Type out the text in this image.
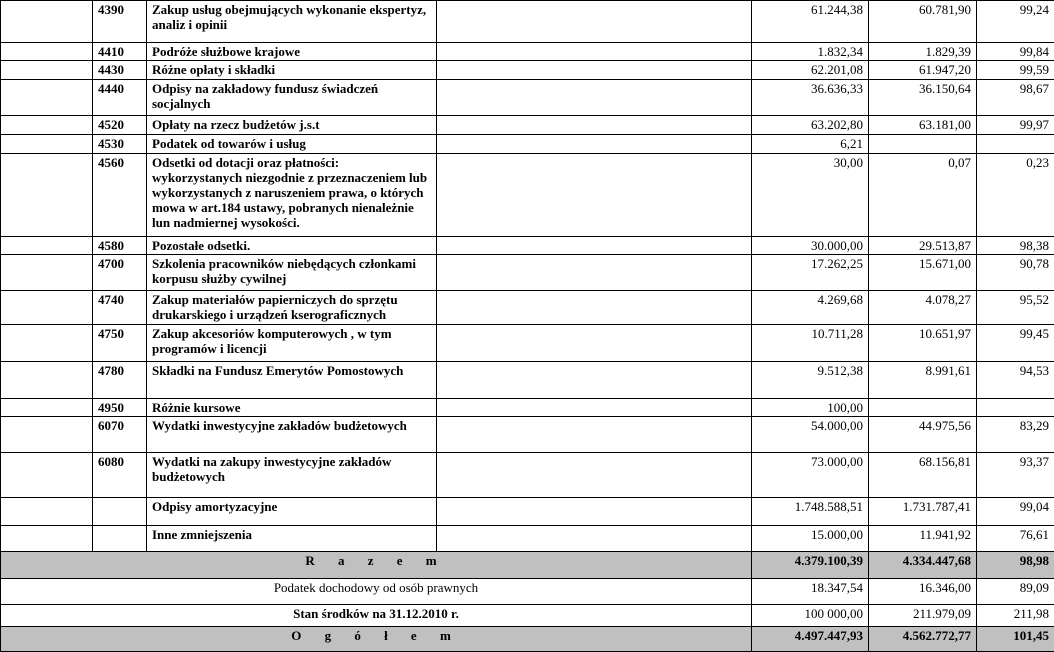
	4390	Zakup usług obejmujących wykonanie ekspertyz, analiz i opinii		61.244,38	60.781,90	99,24
	4410	Podróże służbowe krajowe		1.832,34	1.829,39	99,84
	4430	Różne opłaty i składki		62.201,08	61.947,20	99,59
	4440	Odpisy na zakładowy fundusz świadczeń socjalnych		36.636,33	36.150,64	98,67
	4520	Opłaty na rzecz budżetów j.s.t		63.202,80	63.181,00	99,97
	4530	Podatek od towarów i usług		6,21		
	4560	Odsetki od dotacji oraz płatności: wykorzystanych niezgodnie z przeznaczeniem lub wykorzystanych z naruszeniem prawa, o których mowa w art.184 ustawy, pobranych nienależnie lun nadmiernej wysokości.		30,00	0,07	0,23
	4580	Pozostałe odsetki.		30.000,00	29.513,87	98,38
	4700	Szkolenia pracowników niebędących członkami korpusu służby cywilnej		17.262,25	15.671,00	90,78
	4740	Zakup materiałów papierniczych do sprzętu drukarskiego i urządzeń kserograficznych		4.269,68	4.078,27	95,52
	4750	Zakup akcesoriów komputerowych , w tym programów i licencji		10.711,28	10.651,97	99,45
	4780	Składki na Fundusz Emerytów Pomostowych		9.512,38	8.991,61	94,53
	4950	Różnie kursowe		100,00		
	6070	Wydatki inwestycyjne zakładów budżetowych		54.000,00	44.975,56	83,29
	6080	Wydatki na zakupy inwestycyjne zakładów budżetowych		73.000,00	68.156,81	93,37
		Odpisy amortyzacyjne		1.748.588,51	1.731.787,41	99,04
		Inne zmniejszenia		15.000,00	11.941,92	76,61
R a z e m				4.379.100,39	4.334.447,68	98,98
Podatek dochodowy od osób prawnych				18.347,54	16.346,00	89,09
Stan środków na 31.12.2010 r.				100 000,00	211.979,09	211,98
O g ó ł e m				4.497.447,93	4.562.772,77	101,45
